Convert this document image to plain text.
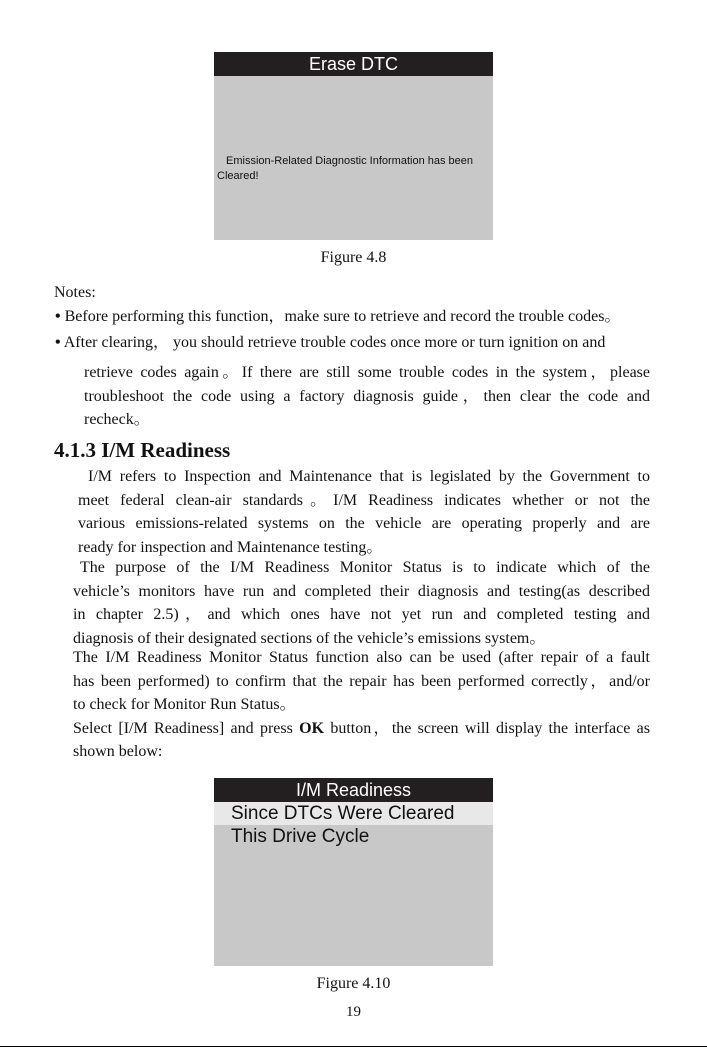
Erase DTC
Emission-Related Diagnostic Information has been
Cleared!
Figure 4.8
Notes:
• Before performing this function，make sure to retrieve and record the trouble codes。
• After clearing， you should retrieve trouble codes once more or turn ignition on and
retrieve codes again。If there are still some trouble codes in the system，please
troubleshoot the code using a factory diagnosis guide，then clear the code and
recheck。
4.1.3 I/M Readiness
I/M refers to Inspection and Maintenance that is legislated by the Government to
meet federal clean-air standards。I/M Readiness indicates whether or not the
various emissions-related systems on the vehicle are operating properly and are
ready for inspection and Maintenance testing。
The purpose of the I/M Readiness Monitor Status is to indicate which of the
vehicle’s monitors have run and completed their diagnosis and testing(as described
in chapter 2.5)，and which ones have not yet run and completed testing and
diagnosis of their designated sections of the vehicle’s emissions system。
The I/M Readiness Monitor Status function also can be used (after repair of a fault
has been performed) to confirm that the repair has been performed correctly，and/or
to check for Monitor Run Status。
Select [I/M Readiness] and press OK button，the screen will display the interface as
shown below:
I/M Readiness
Since DTCs Were Cleared
This Drive Cycle
Figure 4.10
19
